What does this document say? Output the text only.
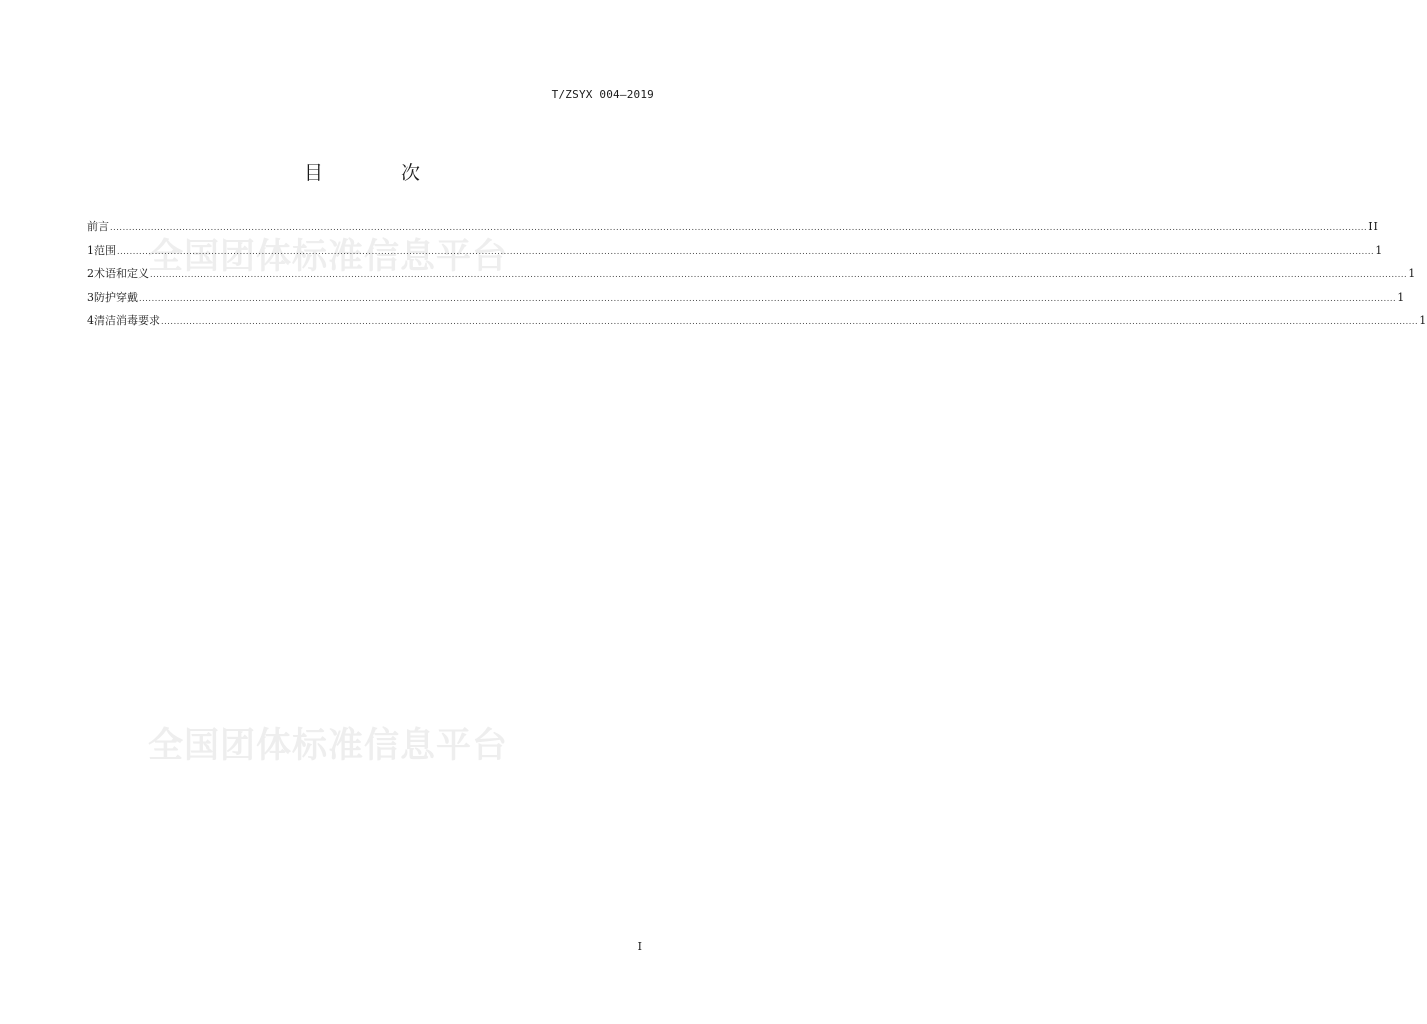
T/ZSYX 004—2019
目 次
全国团体标准信息平台
全国团体标准信息平台
前言 ................................................................................................................................................................................................................................................................................................................................................................................................................ II
1 范围 ................................................................................................................................................................................................................................................................................................................................................................................................................ 1
2 术语和定义 ................................................................................................................................................................................................................................................................................................................................................................................................................ 1
3 防护穿戴 ................................................................................................................................................................................................................................................................................................................................................................................................................ 1
4 清洁消毒要求 ................................................................................................................................................................................................................................................................................................................................................................................................................ 1
I
